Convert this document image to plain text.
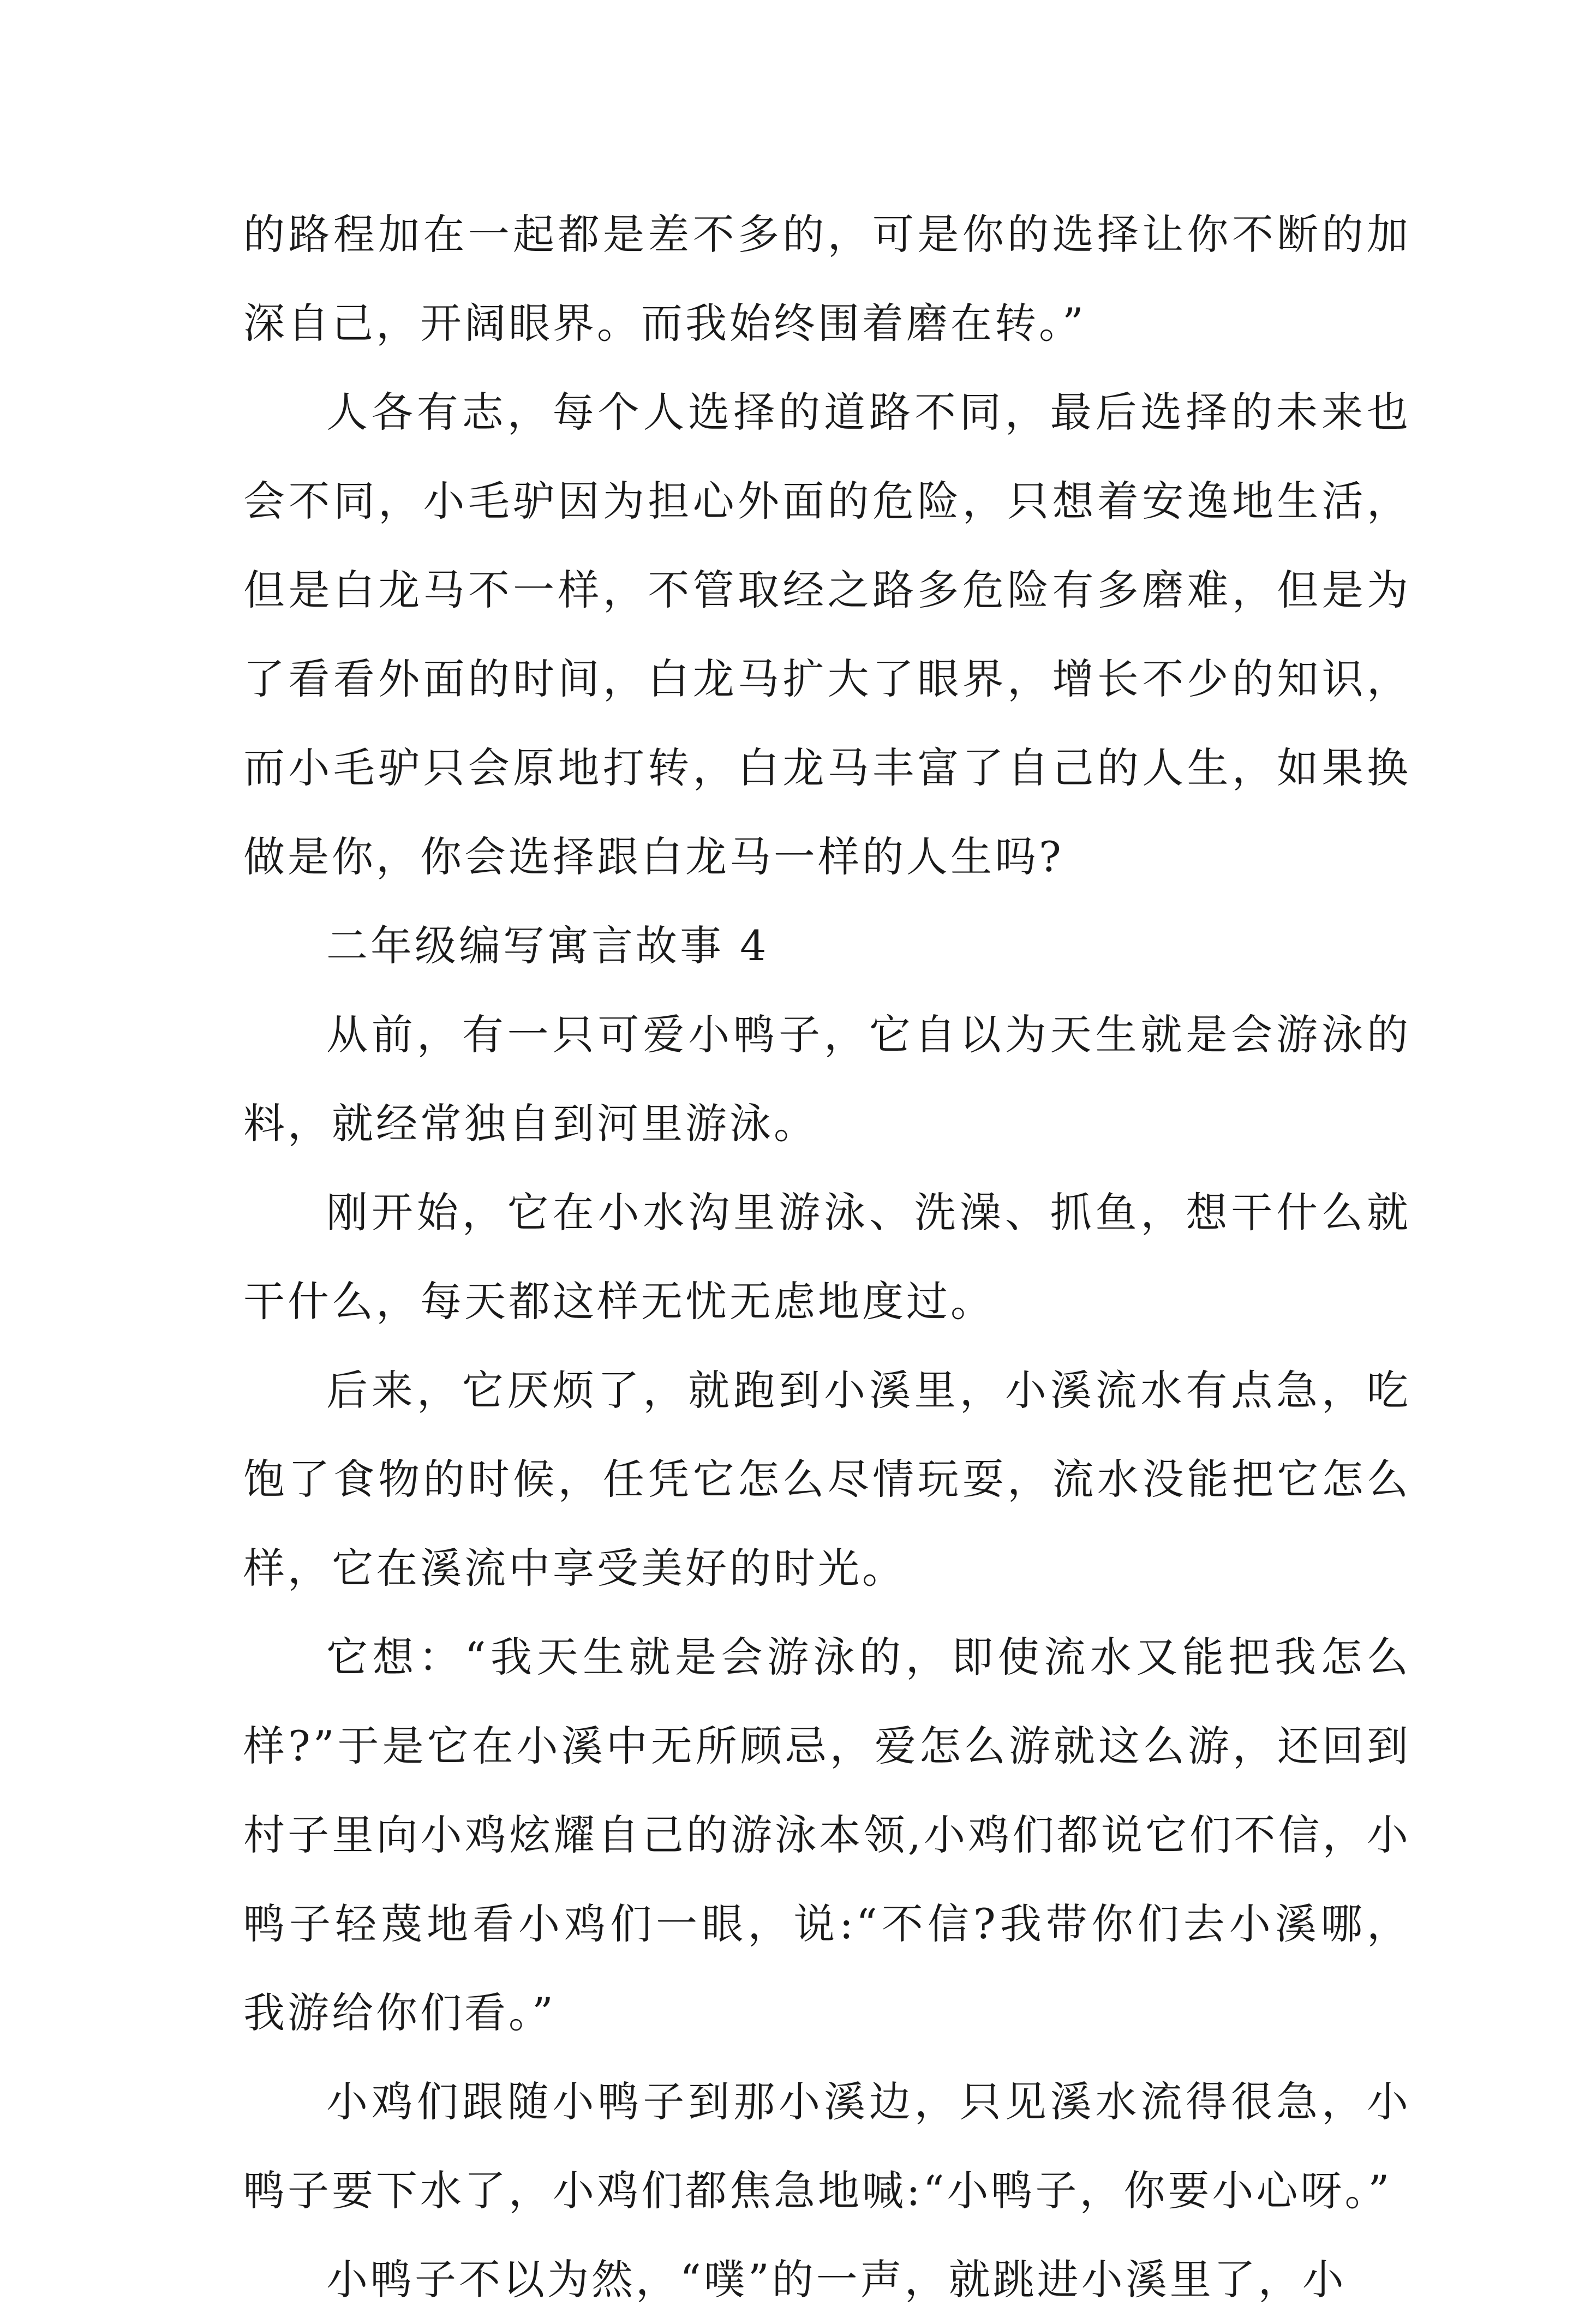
的路程加在一起都是差不多的，可是你的选择让你不断的加深自己，开阔眼界。而我始终围着磨在转。”

人各有志，每个人选择的道路不同，最后选择的未来也会不同，小毛驴因为担心外面的危险，只想着安逸地生活，但是白龙马不一样，不管取经之路多危险有多磨难，但是为了看看外面的时间，白龙马扩大了眼界，增长不少的知识，而小毛驴只会原地打转，白龙马丰富了自己的人生，如果换做是你，你会选择跟白龙马一样的人生吗?

二年级编写寓言故事 4

从前，有一只可爱小鸭子，它自以为天生就是会游泳的料，就经常独自到河里游泳。

刚开始，它在小水沟里游泳、洗澡、抓鱼，想干什么就干什么，每天都这样无忧无虑地度过。

后来，它厌烦了，就跑到小溪里，小溪流水有点急，吃饱了食物的时候，任凭它怎么尽情玩耍，流水没能把它怎么样，它在溪流中享受美好的时光。

它想：“我天生就是会游泳的，即使流水又能把我怎么样?”于是它在小溪中无所顾忌，爱怎么游就这么游，还回到村子里向小鸡炫耀自己的游泳本领,小鸡们都说它们不信，小鸭子轻蔑地看小鸡们一眼，说:“不信?我带你们去小溪哪，我游给你们看。”

小鸡们跟随小鸭子到那小溪边，只见溪水流得很急，小鸭子要下水了，小鸡们都焦急地喊:“小鸭子，你要小心呀。”

小鸭子不以为然，“噗”的一声，就跳进小溪里了，小
